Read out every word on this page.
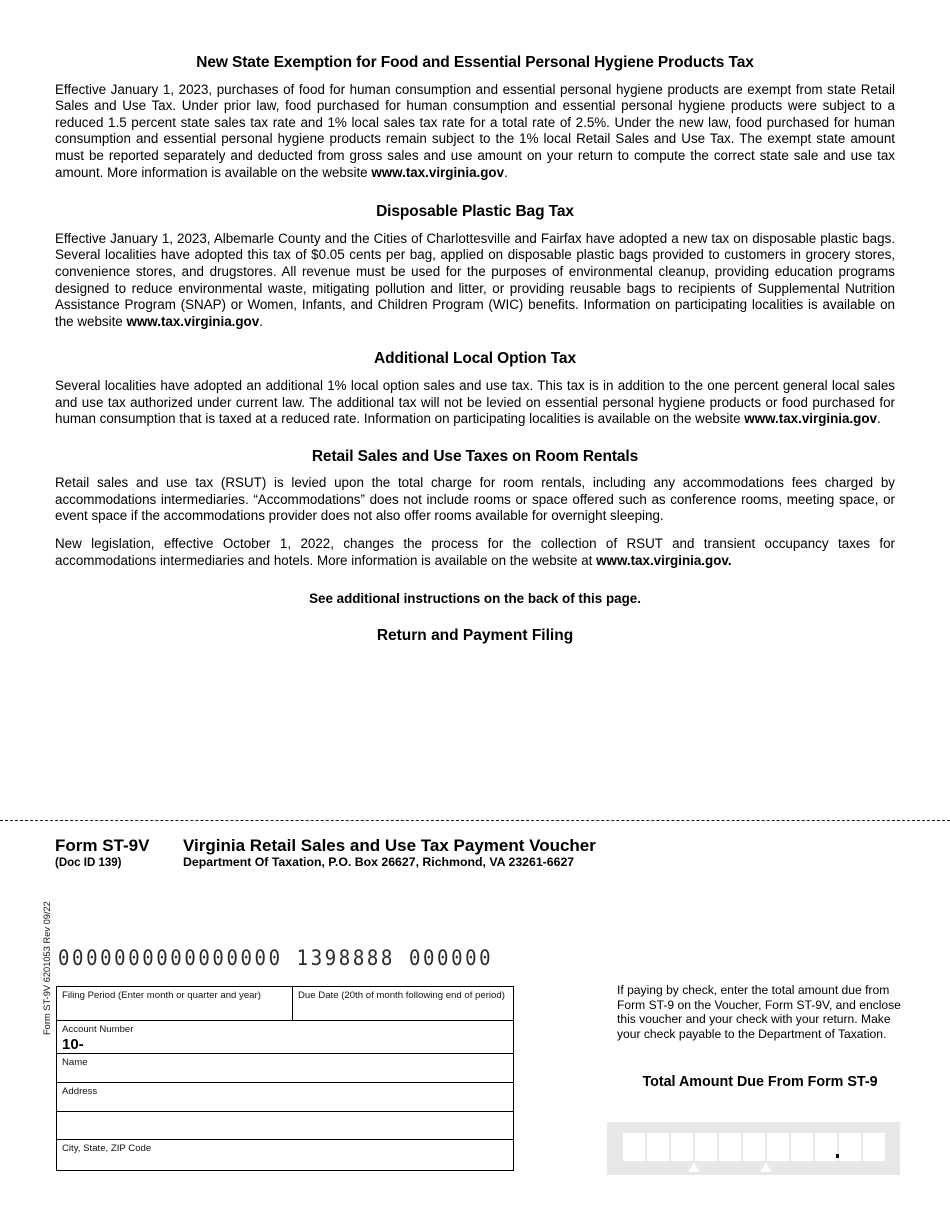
New State Exemption for Food and Essential Personal Hygiene Products Tax

Effective January 1, 2023, purchases of food for human consumption and essential personal hygiene products are exempt from state Retail Sales and Use Tax. Under prior law, food purchased for human consumption and essential personal hygiene products were subject to a reduced 1.5 percent state sales tax rate and 1% local sales tax rate for a total rate of 2.5%. Under the new law, food purchased for human consumption and essential personal hygiene products remain subject to the 1% local Retail Sales and Use Tax. The exempt state amount must be reported separately and deducted from gross sales and use amount on your return to compute the correct state sale and use tax amount. More information is available on the website www.tax.virginia.gov.

Disposable Plastic Bag Tax

Effective January 1, 2023, Albemarle County and the Cities of Charlottesville and Fairfax have adopted a new tax on disposable plastic bags. Several localities have adopted this tax of $0.05 cents per bag, applied on disposable plastic bags provided to customers in grocery stores, convenience stores, and drugstores. All revenue must be used for the purposes of environmental cleanup, providing education programs designed to reduce environmental waste, mitigating pollution and litter, or providing reusable bags to recipients of Supplemental Nutrition Assistance Program (SNAP) or Women, Infants, and Children Program (WIC) benefits. Information on participating localities is available on the website www.tax.virginia.gov.

Additional Local Option Tax

Several localities have adopted an additional 1% local option sales and use tax. This tax is in addition to the one percent general local sales and use tax authorized under current law. The additional tax will not be levied on essential personal hygiene products or food purchased for human consumption that is taxed at a reduced rate. Information on participating localities is available on the website www.tax.virginia.gov.

Retail Sales and Use Taxes on Room Rentals

Retail sales and use tax (RSUT) is levied upon the total charge for room rentals, including any accommodations fees charged by accommodations intermediaries. “Accommodations” does not include rooms or space offered such as conference rooms, meeting space, or event space if the accommodations provider does not also offer rooms available for overnight sleeping.

New legislation, effective October 1, 2022, changes the process for the collection of RSUT and transient occupancy taxes for accommodations intermediaries and hotels. More information is available on the website at www.tax.virginia.gov.

See additional instructions on the back of this page.
Return and Payment Filing
Form ST-9V	Virginia Retail Sales and Use Tax Payment Voucher
(Doc ID 139)	Department Of Taxation, P.O. Box 26627, Richmond, VA 23261-6627
0000000000000000 1398888 000000
Filing Period (Enter month or quarter and year)	Due Date (20th of month following end of period)
Account Number
10-
Name
Address
City, State, ZIP Code
Form ST-9V 6201053 Rev 09/22	If paying by check, enter the total amount due from Form ST-9 on the Voucher, Form ST-9V, and enclose this voucher and your check with your return. Make your check payable to the Department of Taxation.
Total Amount Due From Form ST-9
